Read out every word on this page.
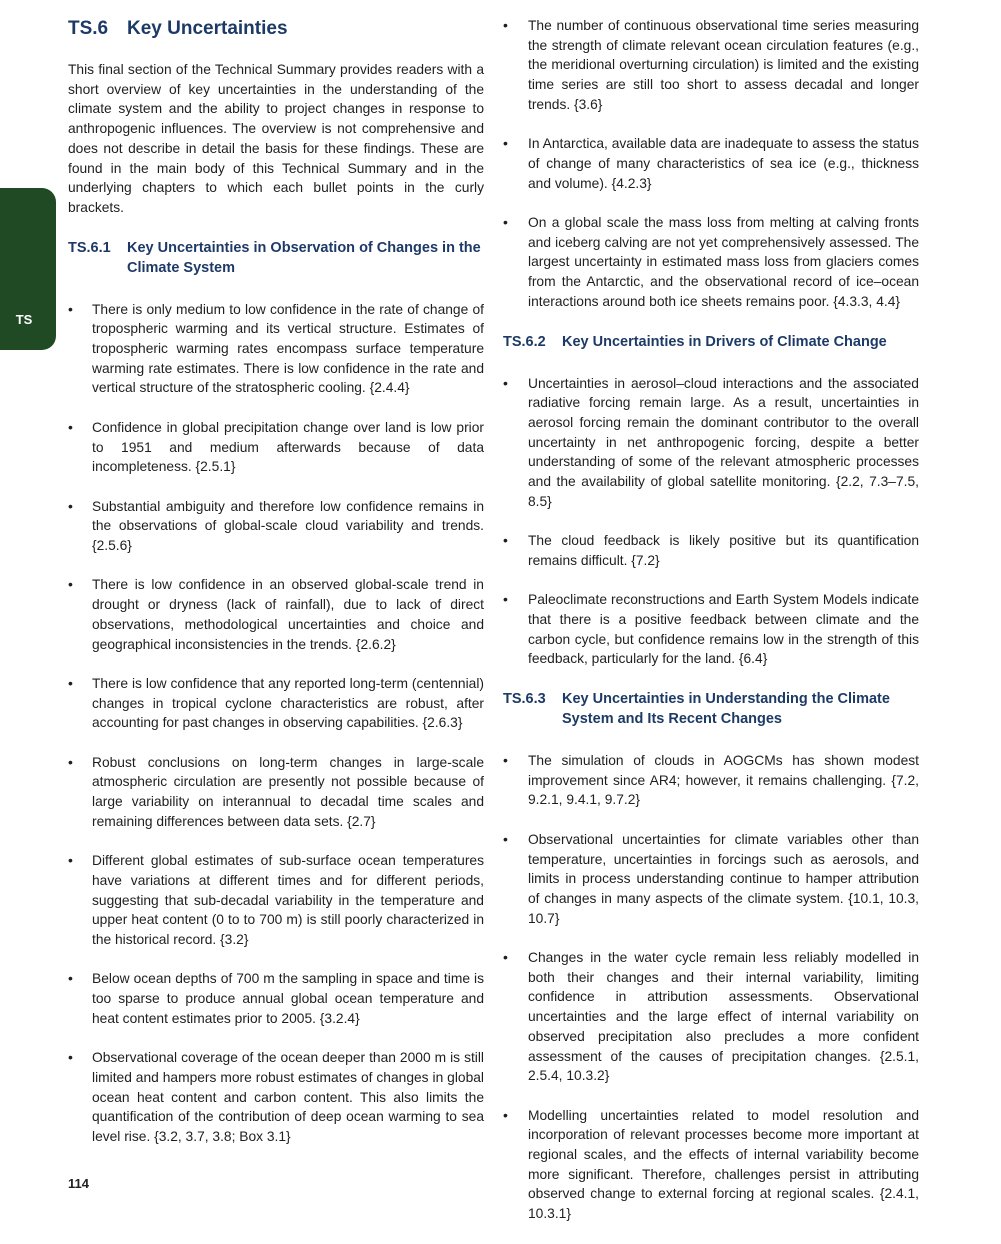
TS
TS.6 Key Uncertainties

This final section of the Technical Summary provides readers with a short overview of key uncertainties in the understanding of the climate system and the ability to project changes in response to anthropogenic influences. The overview is not comprehensive and does not describe in detail the basis for these findings. These are found in the main body of this Technical Summary and in the underlying chapters to which each bullet points in the curly brackets.

TS.6.1	Key Uncertainties in Observation of Changes in the Climate System
• There is only medium to low confidence in the rate of change of tropospheric warming and its vertical structure. Estimates of tropospheric warming rates encompass surface temperature warming rate estimates. There is low confidence in the rate and vertical structure of the stratospheric cooling. {2.4.4}
• Confidence in global precipitation change over land is low prior to 1951 and medium afterwards because of data incompleteness. {2.5.1}
• Substantial ambiguity and therefore low confidence remains in the observations of global-scale cloud variability and trends. {2.5.6}
• There is low confidence in an observed global-scale trend in drought or dryness (lack of rainfall), due to lack of direct observations, methodological uncertainties and choice and geographical inconsistencies in the trends. {2.6.2}
• There is low confidence that any reported long-term (centennial) changes in tropical cyclone characteristics are robust, after accounting for past changes in observing capabilities. {2.6.3}
• Robust conclusions on long-term changes in large-scale atmospheric circulation are presently not possible because of large variability on interannual to decadal time scales and remaining differences between data sets. {2.7}
• Different global estimates of sub-surface ocean temperatures have variations at different times and for different periods, suggesting that sub-decadal variability in the temperature and upper heat content (0 to to 700 m) is still poorly characterized in the historical record. {3.2}
• Below ocean depths of 700 m the sampling in space and time is too sparse to produce annual global ocean temperature and heat content estimates prior to 2005. {3.2.4}
• Observational coverage of the ocean deeper than 2000 m is still limited and hampers more robust estimates of changes in global ocean heat content and carbon content. This also limits the quantification of the contribution of deep ocean warming to sea level rise. {3.2, 3.7, 3.8; Box 3.1}
• The number of continuous observational time series measuring the strength of climate relevant ocean circulation features (e.g., the meridional overturning circulation) is limited and the existing time series are still too short to assess decadal and longer trends. {3.6}
• In Antarctica, available data are inadequate to assess the status of change of many characteristics of sea ice (e.g., thickness and volume). {4.2.3}
• On a global scale the mass loss from melting at calving fronts and iceberg calving are not yet comprehensively assessed. The largest uncertainty in estimated mass loss from glaciers comes from the Antarctic, and the observational record of ice–ocean interactions around both ice sheets remains poor. {4.3.3, 4.4}
TS.6.2	Key Uncertainties in Drivers of Climate Change
• Uncertainties in aerosol–cloud interactions and the associated radiative forcing remain large. As a result, uncertainties in aerosol forcing remain the dominant contributor to the overall uncertainty in net anthropogenic forcing, despite a better understanding of some of the relevant atmospheric processes and the availability of global satellite monitoring. {2.2, 7.3–7.5, 8.5}
• The cloud feedback is likely positive but its quantification remains difficult. {7.2}
• Paleoclimate reconstructions and Earth System Models indicate that there is a positive feedback between climate and the carbon cycle, but confidence remains low in the strength of this feedback, particularly for the land. {6.4}
TS.6.3	Key Uncertainties in Understanding the Climate System and Its Recent Changes
• The simulation of clouds in AOGCMs has shown modest improvement since AR4; however, it remains challenging. {7.2, 9.2.1, 9.4.1, 9.7.2}
• Observational uncertainties for climate variables other than temperature, uncertainties in forcings such as aerosols, and limits in process understanding continue to hamper attribution of changes in many aspects of the climate system. {10.1, 10.3, 10.7}
• Changes in the water cycle remain less reliably modelled in both their changes and their internal variability, limiting confidence in attribution assessments. Observational uncertainties and the large effect of internal variability on observed precipitation also precludes a more confident assessment of the causes of precipitation changes. {2.5.1, 2.5.4, 10.3.2}
• Modelling uncertainties related to model resolution and incorporation of relevant processes become more important at regional scales, and the effects of internal variability become more significant. Therefore, challenges persist in attributing observed change to external forcing at regional scales. {2.4.1, 10.3.1}
114
